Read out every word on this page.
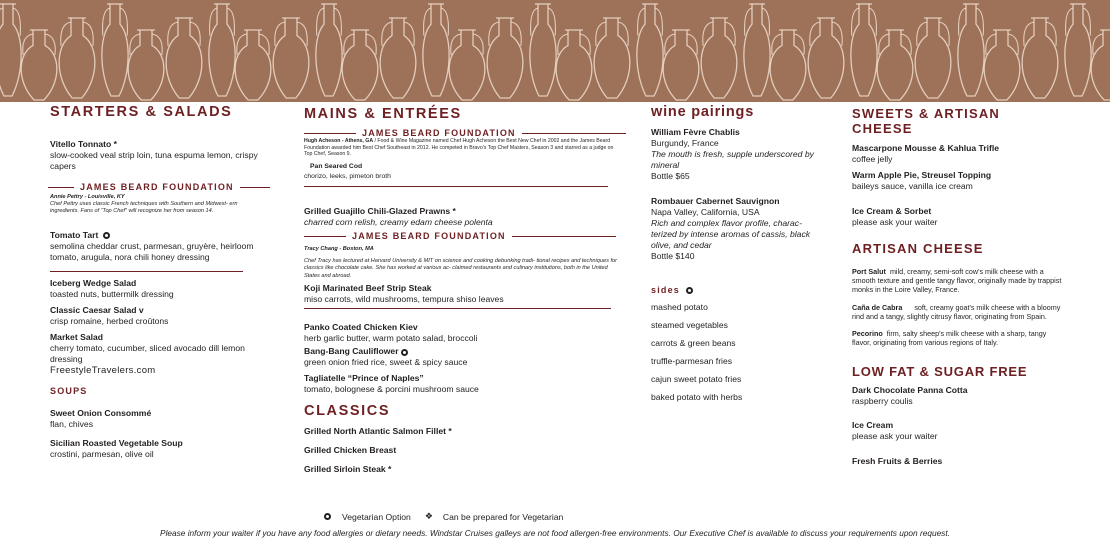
STARTERS & SALADS
Vitello Tonnato *
slow-cooked veal strip loin, tuna espuma lemon, crispy capers
JAMES BEARD FOUNDATION
Annie Pettry - Louisville, KY
Chef Pettry uses classic French techniques with Southern and Midwest- ern ingredients. Fans of “Top Chef” will recognize her from season 14.
Tomato Tart
semolina cheddar crust, parmesan, gruyère, heirloom tomato, arugula, nora chili honey dressing
Iceberg Wedge Salad
toasted nuts, buttermilk dressing
Classic Caesar Salad v
crisp romaine, herbed croûtons
Market Salad
cherry tomato, cucumber, sliced avocado dill lemon dressing
FreestyleTravelers.com
SOUPS
Sweet Onion Consommé
flan, chives
Sicilian Roasted Vegetable Soup
crostini, parmesan, olive oil
MAINS & ENTRÉES
JAMES BEARD FOUNDATION
Hugh Acheson - Athens, GA / Food & Wine Magazine named Chef Hugh Acheson the Best New Chef in 2002 and the James Beard Foundation awarded him Best Chef Southeast in 2012. He competed in Bravo's Top Chef Masters, Season 3 and starred as a judge on Top Chef, Season 9.
Pan Seared Cod
chorizo, leeks, pimeton broth
Grilled Guajillo Chili-Glazed Prawns *
charred corn relish, creamy edam cheese polenta
JAMES BEARD FOUNDATION
Tracy Chang - Boston, MA
Chef Tracy has lectured at Harvard University & MIT on science and cooking debunking tradi- tional recipes and techniques for classics like chocolate cake. She has worked at various ac- claimed restaurants and culinary institutions, both in the United States and abroad.
Koji Marinated Beef Strip Steak
miso carrots, wild mushrooms, tempura shiso leaves
Panko Coated Chicken Kiev
herb garlic butter, warm potato salad, broccoli
Bang-Bang Cauliflower
green onion fried rice, sweet & spicy sauce
Tagliatelle “Prince of Naples”
tomato, bolognese & porcini mushroom sauce
CLASSICS
Grilled North Atlantic Salmon Fillet *
Grilled Chicken Breast
Grilled Sirloin Steak *
wine pairings
William Fèvre Chablis
Burgundy, France
The mouth is fresh, supple underscored by mineral
Bottle $65
Rombauer Cabernet Sauvignon
Napa Valley, California, USA
Rich and complex flavor profile, charac- terized by intense aromas of cassis, black olive, and cedar
Bottle $140
sides
mashed potato
steamed vegetables
carrots & green beans
truffle-parmesan fries
cajun sweet potato fries
baked potato with herbs
SWEETS & ARTISAN CHEESE
Mascarpone Mousse & Kahlua Trifle
coffee jelly
Warm Apple Pie, Streusel Topping
baileys sauce, vanilla ice cream
Ice Cream & Sorbet
please ask your waiter
ARTISAN CHEESE
Port Salut  mild, creamy, semi-soft cow's milk cheese with a smooth texture and gentle tangy flavor, originally made by trappist monks in the Loire Valley, France.
Caña de Cabra      soft, creamy goat's milk cheese with a bloomy rind and a tangy, slightly citrusy flavor, originating from Spain.
Pecorino  firm, salty sheep's milk cheese with a sharp, tangy flavor, originating from various regions of Italy.
LOW FAT & SUGAR FREE
Dark Chocolate Panna Cotta
raspberry coulis
Ice Cream
please ask your waiter
Fresh Fruits & Berries
Vegetarian Option ❖ Can be prepared for Vegetarian
Please inform your waiter if you have any food allergies or dietary needs. Windstar Cruises galleys are not food allergen-free environments. Our Executive Chef is available to discuss your requirements upon request.
